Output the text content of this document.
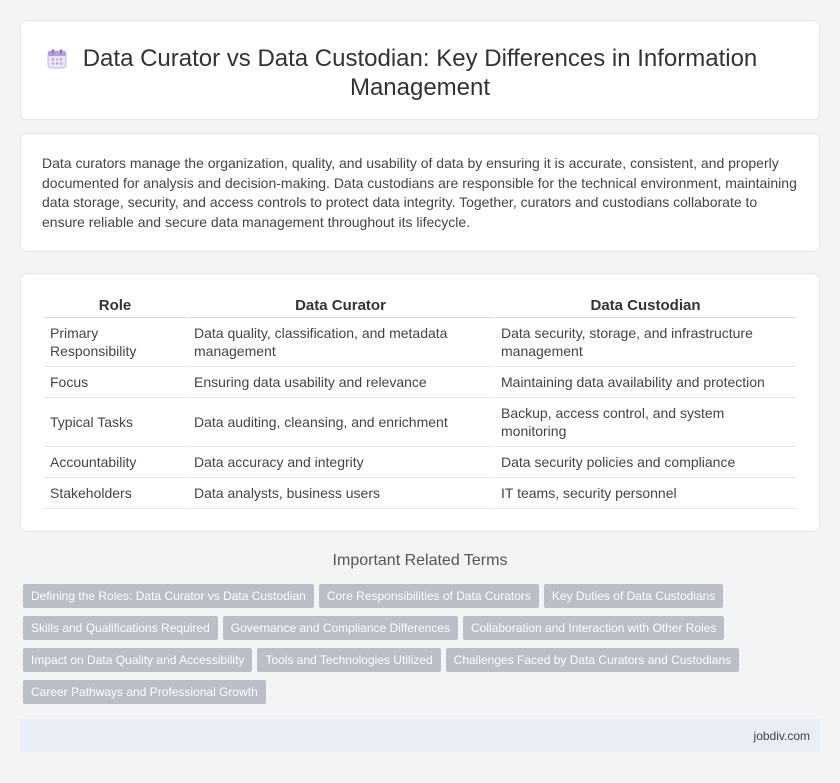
Data Curator vs Data Custodian: Key Differences in Information Management

Data curators manage the organization, quality, and usability of data by ensuring it is accurate, consistent, and properly documented for analysis and decision-making. Data custodians are responsible for the technical environment, maintaining data storage, security, and access controls to protect data integrity. Together, curators and custodians collaborate to ensure reliable and secure data management throughout its lifecycle.

Role	Data Curator	Data Custodian
Primary Responsibility	Data quality, classification, and metadata management	Data security, storage, and infrastructure management
Focus	Ensuring data usability and relevance	Maintaining data availability and protection
Typical Tasks	Data auditing, cleansing, and enrichment	Backup, access control, and system monitoring
Accountability	Data accuracy and integrity	Data security policies and compliance
Stakeholders	Data analysts, business users	IT teams, security personnel
Important Related Terms
Defining the Roles: Data Curator vs Data Custodian Core Responsibilities of Data Curators Key Duties of Data Custodians
Skills and Qualifications Required Governance and Compliance Differences Collaboration and Interaction with Other Roles
Impact on Data Quality and Accessibility Tools and Technologies Utilized Challenges Faced by Data Curators and Custodians
Career Pathways and Professional Growth
jobdiv.com
